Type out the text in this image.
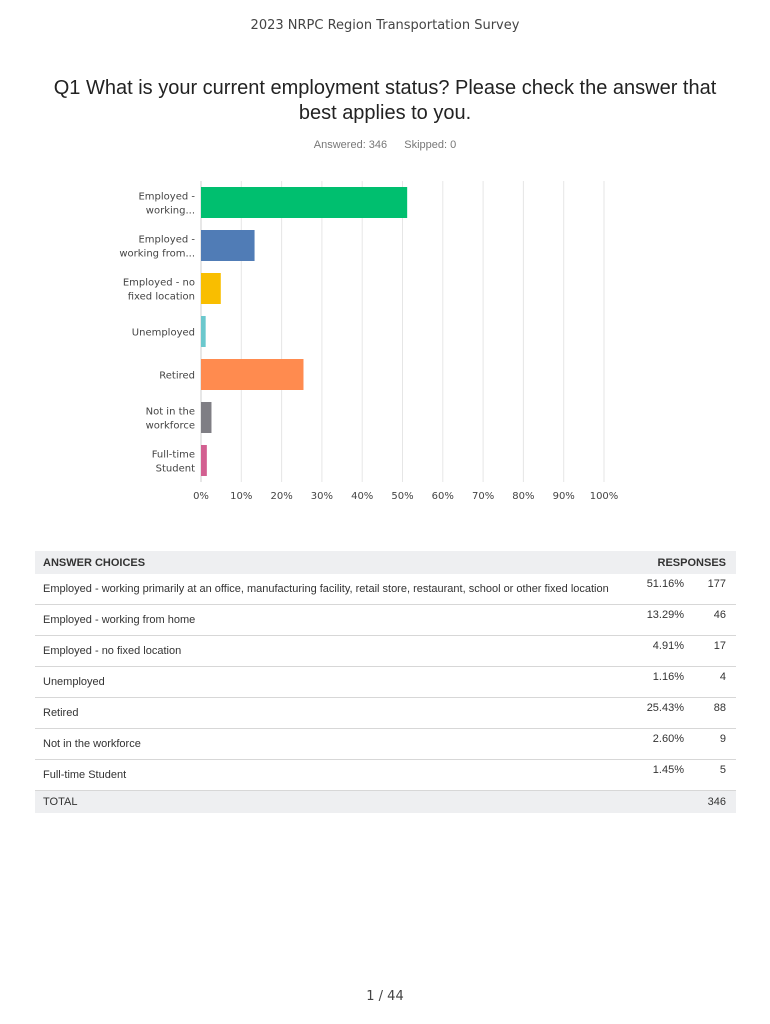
2023 NRPC Region Transportation Survey
Q1 What is your current employment status? Please check the answer that best applies to you.
Answered: 346 Skipped: 0
Employed -working...
Employed -working from...
Employed - no fixed location
Unemployed
Retired
Not in the workforce
Full-time Student
0% 10% 20% 30% 40% 50% 60% 70% 80% 90% 100%
ANSWER CHOICES	RESPONSES	
Employed - working primarily at an office, manufacturing facility, retail store, restaurant, school or other fixed location	51.16%	177
Employed - working from home	13.29%	46
Employed - no fixed location	4.91%	17
Unemployed	1.16%	4
Retired	25.43%	88
Not in the workforce	2.60%	9
Full-time Student	1.45%	5
TOTAL		346
1 / 44
